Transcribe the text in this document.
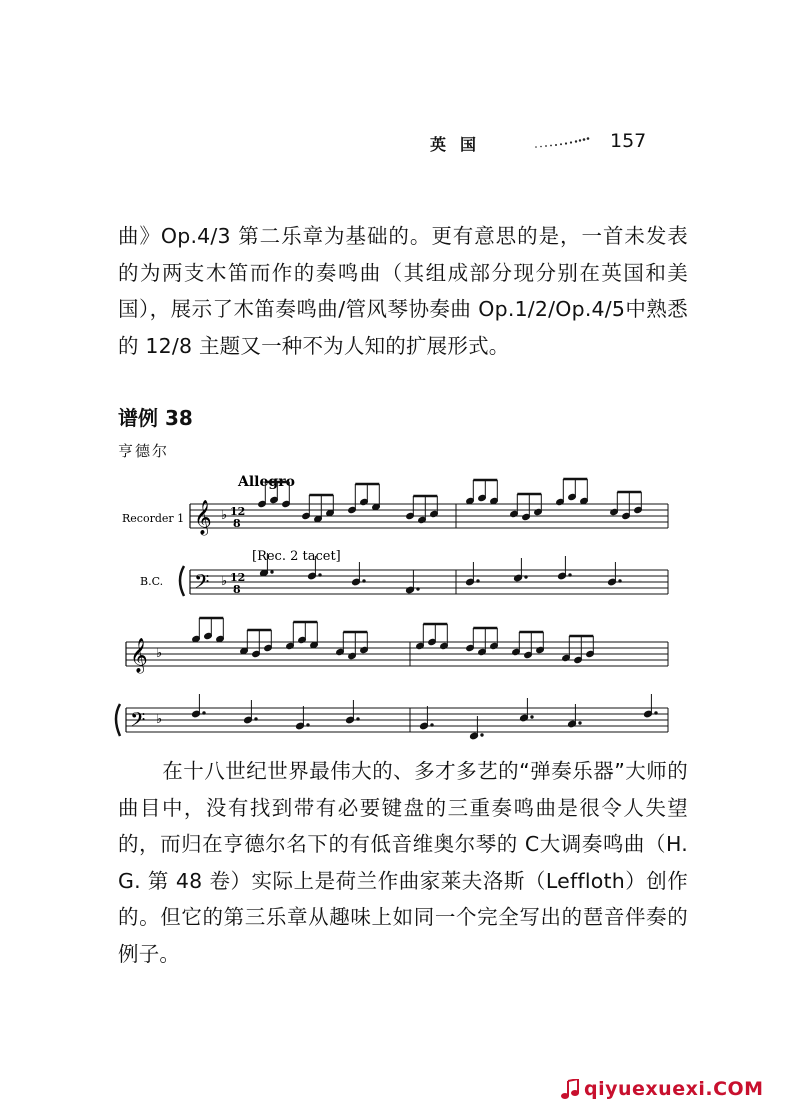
英国	157
曲》Op.4/3 第二乐章为基础的。更有意思的是，一首未发表的为两支木笛而作的奏鸣曲（其组成部分现分别在英国和美国），展示了木笛奏鸣曲/管风琴协奏曲 Op.1/2/Op.4/5中熟悉的 12/8 主题又一种不为人知的扩展形式。
谱例 38
亨德尔
Allegro
Recorder 1
B.C.
[Rec. 2 tacet]
𝄞
𝄢
♭
♭
12
8
12
8
𝄞
𝄢
♭
♭
在十八世纪世界最伟大的、多才多艺的“弹奏乐器”大师的曲目中，没有找到带有必要键盘的三重奏鸣曲是很令人失望的，而归在亨德尔名下的有低音维奥尔琴的 C大调奏鸣曲（H. G. 第 48 卷）实际上是荷兰作曲家莱夫洛斯（Leffloth）创作的。但它的第三乐章从趣味上如同一个完全写出的琶音伴奏的例子。
qiyuexuexi.COM
